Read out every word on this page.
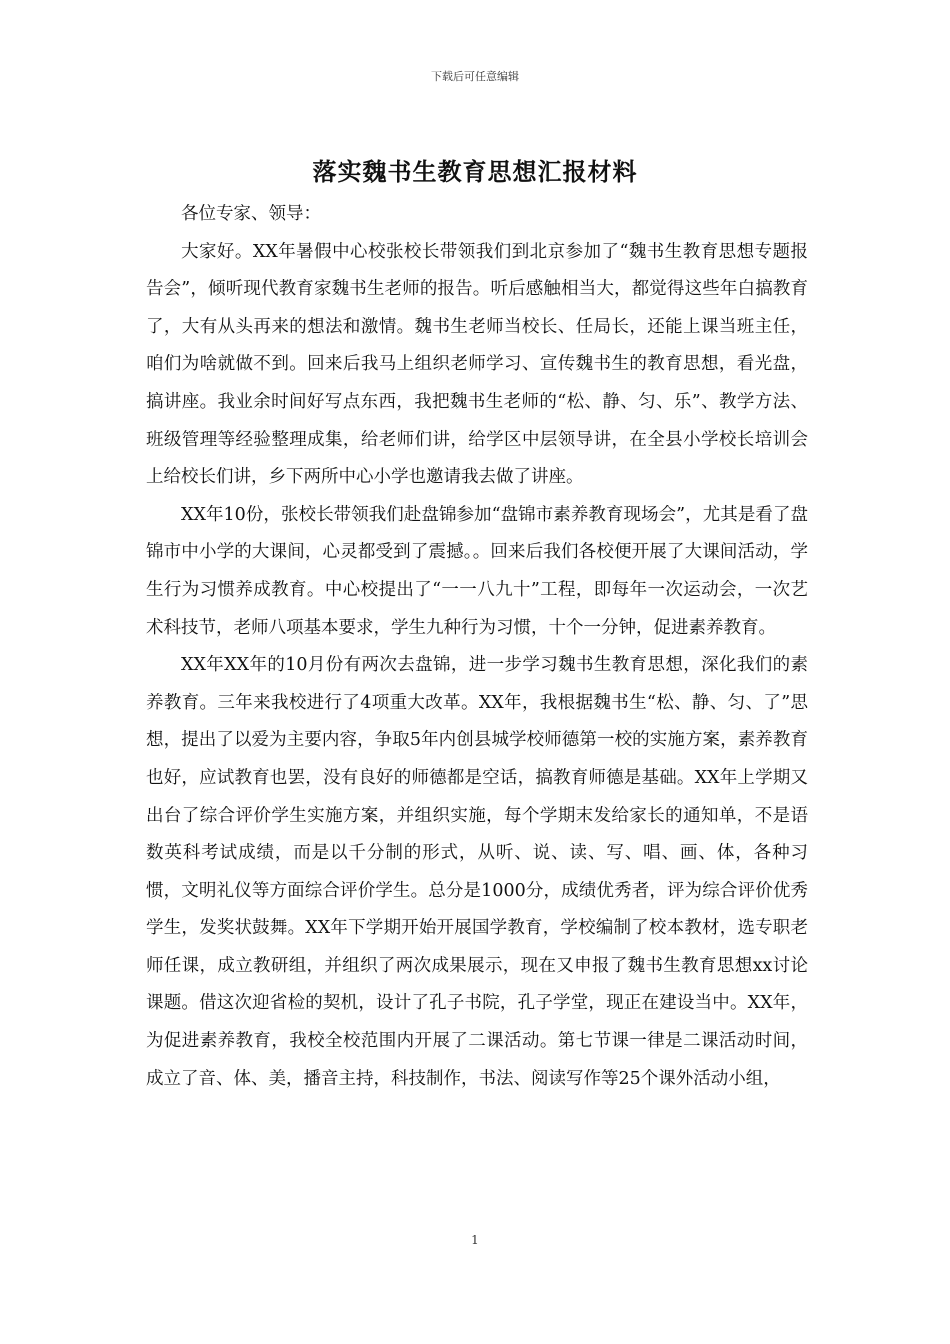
下载后可任意编辑
落实魏书生教育思想汇报材料

各位专家、领导：

大家好。XX年暑假中心校张校长带领我们到北京参加了“魏书生教育思想专题报告会”，倾听现代教育家魏书生老师的报告。听后感触相当大，都觉得这些年白搞教育了，大有从头再来的想法和激情。魏书生老师当校长、任局长，还能上课当班主任，咱们为啥就做不到。回来后我马上组织老师学习、宣传魏书生的教育思想，看光盘，搞讲座。我业余时间好写点东西，我把魏书生老师的“松、静、匀、乐”、教学方法、班级管理等经验整理成集，给老师们讲，给学区中层领导讲，在全县小学校长培训会上给校长们讲，乡下两所中心小学也邀请我去做了讲座。

XX年10份，张校长带领我们赴盘锦参加“盘锦市素养教育现场会”，尤其是看了盘锦市中小学的大课间，心灵都受到了震撼。。回来后我们各校便开展了大课间活动，学生行为习惯养成教育。中心校提出了“一一八九十”工程，即每年一次运动会，一次艺术科技节，老师八项基本要求，学生九种行为习惯，十个一分钟，促进素养教育。

XX年XX年的10月份有两次去盘锦，进一步学习魏书生教育思想，深化我们的素养教育。三年来我校进行了4项重大改革。XX年，我根据魏书生“松、静、匀、了”思想，提出了以爱为主要内容，争取5年内创县城学校师德第一校的实施方案，素养教育也好，应试教育也罢，没有良好的师德都是空话，搞教育师德是基础。XX年上学期又出台了综合评价学生实施方案，并组织实施，每个学期末发给家长的通知单，不是语数英科考试成绩，而是以千分制的形式，从听、说、读、写、唱、画、体，各种习惯，文明礼仪等方面综合评价学生。总分是1000分，成绩优秀者，评为综合评价优秀学生，发奖状鼓舞。XX年下学期开始开展国学教育，学校编制了校本教材，选专职老师任课，成立教研组，并组织了两次成果展示，现在又申报了魏书生教育思想xx讨论课题。借这次迎省检的契机，设计了孔子书院，孔子学堂，现正在建设当中。XX年，为促进素养教育，我校全校范围内开展了二课活动。第七节课一律是二课活动时间，成立了音、体、美，播音主持，科技制作，书法、阅读写作等25个课外活动小组，

1
